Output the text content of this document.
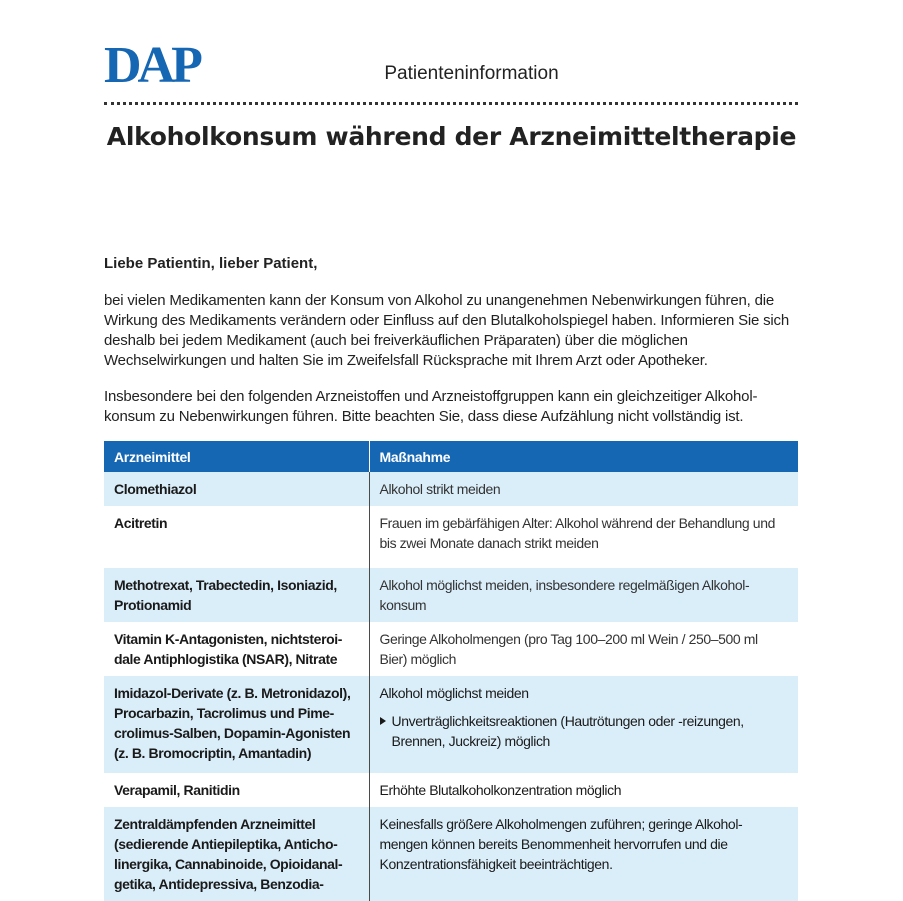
DAP	Patienteninformation
Alkoholkonsum während der Arzneimitteltherapie
Liebe Patientin, lieber Patient,

bei vielen Medikamenten kann der Konsum von Alkohol zu unangenehmen Nebenwirkungen führen, die Wirkung des Medikaments verändern oder Einfluss auf den Blutalkoholspiegel haben. Informieren Sie sich deshalb bei jedem Medikament (auch bei freiverkäuflichen Präparaten) über die möglichen Wechselwirkungen und halten Sie im Zweifelsfall Rücksprache mit Ihrem Arzt oder Apotheker.

Insbesondere bei den folgenden Arzneistoffen und Arzneistoffgruppen kann ein gleichzeitiger Alkohol-konsum zu Nebenwirkungen führen. Bitte beachten Sie, dass diese Aufzählung nicht vollständig ist.

Arzneimittel	Maßnahme
Clomethiazol	Alkohol strikt meiden
Acitretin	Frauen im gebärfähigen Alter: Alkohol während der Behandlung und bis zwei Monate danach strikt meiden
Methotrexat, Trabectedin, Isoniazid, Protionamid	Alkohol möglichst meiden, insbesondere regelmäßigen Alkohol-konsum
Vitamin K-Antagonisten, nichtsteroi-dale Antiphlogistika (NSAR), Nitrate	Geringe Alkoholmengen (pro Tag 100–200 ml Wein / 250–500 ml Bier) möglich
Imidazol-Derivate (z. B. Metronidazol), Procarbazin, Tacrolimus und Pime-crolimus-Salben, Dopamin-Agonisten (z. B. Bromocriptin, Amantadin)	Alkohol möglichst meiden
Unverträglichkeitsreaktionen (Hautrötungen oder -reizungen, Brennen, Juckreiz) möglich

Verapamil, Ranitidin	Erhöhte Blutalkoholkonzentration möglich
Zentraldämpfenden Arzneimittel (sedierende Antiepileptika, Anticho-linergika, Cannabinoide, Opioidanal-getika, Antidepressiva, Benzodia-	Keinesfalls größere Alkoholmengen zuführen; geringe Alkohol-mengen können bereits Benommenheit hervorrufen und die Konzentrationsfähigkeit beeinträchtigen.
